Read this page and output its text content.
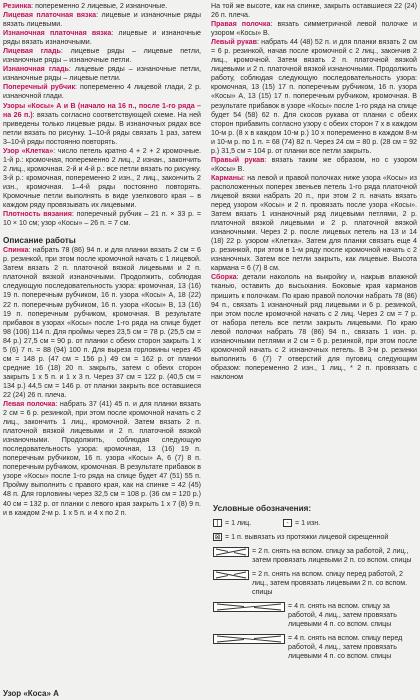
Резинка: попеременно 2 лицевые, 2 изнаночные.

Лицевая платочная вязка: лицевые и изнаночные ряды вязать лицевыми.

Изнаночная платочная вязка: лицевые и изнаночные ряды вязать изнаночными.

Лицевая гладь: лицевые ряды – лицевые петли, изнаночные ряды – изнаночные петли.

Изнаночная гладь: лицевые ряды – изнаночные петли, изнаночные ряды – лицевые петли.

Поперечный рубчик: попеременно 4 лицевой глади, 2 р. изнаночной глади.

Узоры «Косы» А и В (начало на 16 п., после 1-го ряда – на 26 п.): вязать согласно соответствующей схеме. На ней приведены только лицевые ряды. В изнаночных рядах все петли вязать по рисунку. 1–10-й ряды связать 1 раз, затем 3–10-й ряды постоянно повторять.

Узор «Клетка»: число петель кратно 4 + 2 + 2 кромочные. 1-й р.: кромочная, попеременно 2 лиц., 2 изнан., закончить 2 лиц., кромочная. 2-й и 4-й р.: все петли вязать по рисунку. 3-й р.: кромочная, попеременно 2 изн., 2 лиц., закончить 2 изн., кромочная. 1–4-й ряды постоянно повторять. Кромочные петли выполнять в виде узелкового края – в каждом ряду провязывать их лицевыми.

Плотность вязания: поперечный рубчик – 21 п. × 33 р. = 10 × 10 см; узор «Косы» – 26 п. = 7 см.

Описание работы

Спинка: набрать 78 (86) 94 п. и для планки вязать 2 см = 6 р. резинкой, при этом после кромочной начать с 1 лицевой. Затем вязать 2 п. платочной вязкой лицевыми и 2 п. платочной вязкой изнаночными. Продолжить, соблюдая следующую последовательность узора: кромочная, 13 (16) 19 п. поперечным рубчиком, 16 п. узора «Косы» А, 18 (22) 22 п. поперечным рубчиком, 16 п. узора «Косы» В, 13 (16) 19 п. поперечным рубчиком, кромочная. В результате прибавок в узорах «Косы» после 1-го ряда на спице будет 98 (106) 114 п. Для проймы через 23,5 см = 78 р. (25,5 см = 84 р.) 27,5 см = 90 р. от планки с обеих сторон закрыть 1 х 5 (6) 7 п. = 88 (94) 100 п. Для выреза горловины через 45 см = 148 р. (47 см = 156 р.) 49 см = 162 р. от планки средние 16 (18) 20 п. закрыть, затем с обеих сторон закрыть 1 х 5 п. и 1 х 3 п. Через 37 см = 122 р. (40,5 см = 134 р.) 44,5 см = 146 р. от планки закрыть все оставшиеся 22 (24) 26 п. плеча.

Левая полочка: набрать 37 (41) 45 п. и для планки вязать 2 см = 6 р. резинкой, при этом после кромочной начать с 2 лиц., закончить 1 лиц., кромочной. Затем вязать 2 п. платочной вязкой лицевыми и 2 п. платочной вязкой изнаночными. Продолжить, соблюдая следующую последовательность узора: кромочная, 13 (16) 19 п. поперечным рубчиком, 16 п. узора «Косы» А, 6 (7) 8 п. поперечным рубчиком, кромочная. В результате прибавок в узоре «Косы» после 1-го ряда на спице будет 47 (51) 55 п. Пройму выполнить с правого края, как на спинке = 42 (45) 48 п. Для горловины через 32,5 см = 108 р. (36 см = 120 р.) 40 см = 132 р. от планки с левого края закрыть 1 х 7 (8) 9 п. и в каждом 2-м р. 1 х 5 п. и 4 х по 2 п.

На той же высоте, как на спинке, закрыть оставшиеся 22 (24) 26 п. плеча.

Правая полочка: вязать симметричной левой полочке и узором «Косы» В.

Левый рукав: набрать 44 (48) 52 п. и для планки вязать 2 см = 6 р. резинкой, начав после кромочной с 2 лиц., закончив 2 лиц., кромочной. Затем вязать 2 п. платочной вязкой лицевыми и 2 п. платочной вязкой изнаночными. Продолжить работу, соблюдая следующую последовательность узора: кромочная, 13 (15) 17 п. поперечным рубчиком, 16 п. узора «Косы» А, 13 (15) 17 п. поперечным рубчиком, кромочная. В результате прибавок в узоре «Косы» после 1-го ряда на спице будет 54 (58) 62 п. Для скосов рукава от планки с обеих сторон прибавить согласно узору с обеих сторон 7 х в каждом 10-м р. (8 х в каждом 10-м р.) 10 х попеременно в каждом 8-м и 10-м р. по 1 п. = 68 (74) 82 п. Через 24 см = 80 р. (28 см = 92 р.) 31,5 см = 104 р. от планки все петли закрыть.

Правый рукав: вязать таким же образом, но с узором «Косы» В.

Карманы: на левой и правой полочках ниже узора «Косы» из расположенных поперек звеньев петель 1-го ряда платочной лицевой вязки набрать 20 п., при этом 2 п. начать вязать перед узором «Косы» и 2 п. провязать после узора «Косы». Затем вязать 1 изнаночный ряд лицевыми петлями, 2 р. платочной вязкой лицевыми и 2 р. платочной вязкой изнаночными. Через 2 р. после лицевых петель на 13 и 14 (18) 22 р. узором «Клетка». Затем для планки связать еще 4 р. резинкой, при этом в 1-м ряду после кромочной начать с 2 изнаночных. Затем все петли закрыть, как лицевые. Высота кармана = 6 (7) 8 см.

Сборка: детали накололь на выкройку и, накрыв влажной тканью, оставить до высыхания. Боковые края карманов пришить к полочкам. По краю правой полочки набрать 78 (86) 94 п., связать 1 изнаночный ряд лицевыми и 6 р. резинкой, при этом после кромочной начать с 2 лиц. Через 2 см = 7 р. от набора петель все петли закрыть лицевыми. По краю левой полочки набрать 78 (86) 94 п., связать 1 изн. р. изнаночными петлями и 2 см = 6 р. резинкой, при этом после кромочной начать с 2 изнаночных петель. В 3-м р. резинки выполнить 6 (7) 7 отверстий для пуговиц следующим образом: попеременно 2 изн., 1 лиц., * 2 п. провязать с наклоном

Условные обозначения:
| = 1 лиц.	- = 1 изн.
⊠ = 1 п. вывязать из протяжки лицевой скрещенной
= 2 п. снять на вспом. спицу за работой, 2 лиц., затем провязать лицевыми 2 п. со вспом. спицы
= 2 п. снять на вспом. спицу перед работой, 2 лиц., затем провязать лицевыми 2 п. со вспом. спицы
= 4 п. снять на вспом. спицу за работой, 4 лиц., затем провязать лицевыми 4 п. со вспом. спицы
= 4 п. снять на вспом. спицу перед работой, 4 лиц., затем провязать лицевыми 4 п. со вспом. спицы
Узор «Коса» А
